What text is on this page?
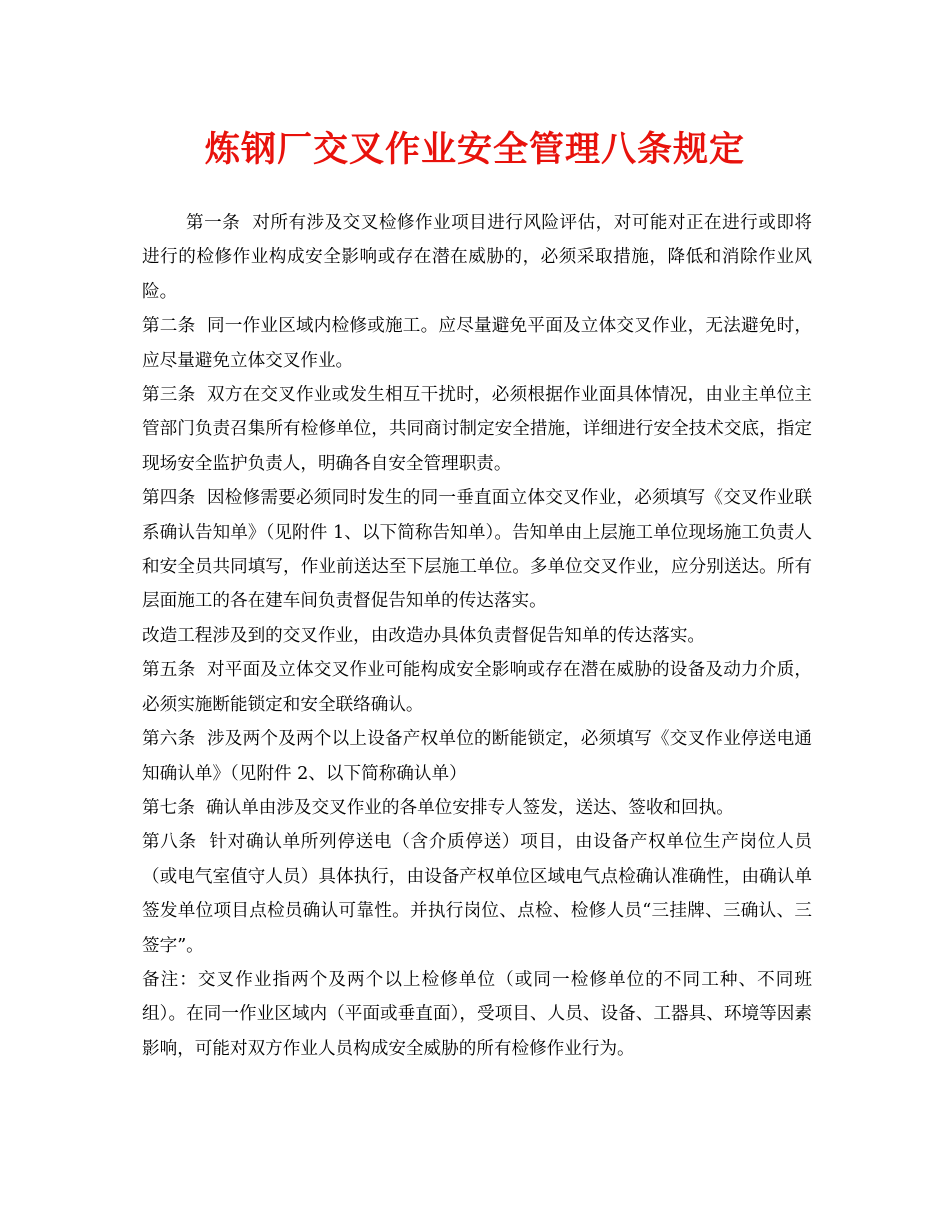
炼钢厂交叉作业安全管理八条规定

第一条  对所有涉及交叉检修作业项目进行风险评估，对可能对正在进行或即将进行的检修作业构成安全影响或存在潜在威胁的，必须采取措施，降低和消除作业风险。

第二条  同一作业区域内检修或施工。应尽量避免平面及立体交叉作业，无法避免时，应尽量避免立体交叉作业。

第三条  双方在交叉作业或发生相互干扰时，必须根据作业面具体情况，由业主单位主管部门负责召集所有检修单位，共同商讨制定安全措施，详细进行安全技术交底，指定现场安全监护负责人，明确各自安全管理职责。

第四条  因检修需要必须同时发生的同一垂直面立体交叉作业，必须填写《交叉作业联系确认告知单》（见附件 1、以下简称告知单）。告知单由上层施工单位现场施工负责人和安全员共同填写，作业前送达至下层施工单位。多单位交叉作业，应分别送达。所有层面施工的各在建车间负责督促告知单的传达落实。

改造工程涉及到的交叉作业，由改造办具体负责督促告知单的传达落实。

第五条  对平面及立体交叉作业可能构成安全影响或存在潜在威胁的设备及动力介质，必须实施断能锁定和安全联络确认。

第六条  涉及两个及两个以上设备产权单位的断能锁定，必须填写《交叉作业停送电通知确认单》（见附件 2、以下简称确认单）

第七条  确认单由涉及交叉作业的各单位安排专人签发，送达、签收和回执。

第八条  针对确认单所列停送电（含介质停送）项目，由设备产权单位生产岗位人员（或电气室值守人员）具体执行，由设备产权单位区域电气点检确认准确性，由确认单签发单位项目点检员确认可靠性。并执行岗位、点检、检修人员“三挂牌、三确认、三签字”。

备注：交叉作业指两个及两个以上检修单位（或同一检修单位的不同工种、不同班组）。在同一作业区域内（平面或垂直面），受项目、人员、设备、工器具、环境等因素影响，可能对双方作业人员构成安全威胁的所有检修作业行为。
